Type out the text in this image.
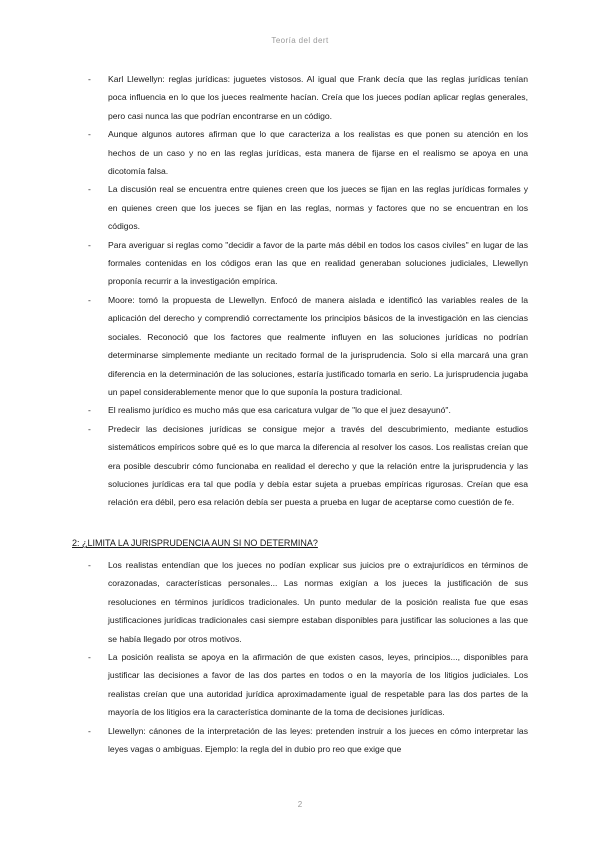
Teoría del dert
- Karl Llewellyn: reglas jurídicas: juguetes vistosos. Al igual que Frank decía que las reglas jurídicas tenían poca influencia en lo que los jueces realmente hacían. Creía que los jueces podían aplicar reglas generales, pero casi nunca las que podrían encontrarse en un código.
- Aunque algunos autores afirman que lo que caracteriza a los realistas es que ponen su atención en los hechos de un caso y no en las reglas jurídicas, esta manera de fijarse en el realismo se apoya en una dicotomía falsa.
- La discusión real se encuentra entre quienes creen que los jueces se fijan en las reglas jurídicas formales y en quienes creen que los jueces se fijan en las reglas, normas y factores que no se encuentran en los códigos.
- Para averiguar si reglas como "decidir a favor de la parte más débil en todos los casos civiles" en lugar de las formales contenidas en los códigos eran las que en realidad generaban soluciones judiciales, Llewellyn proponía recurrir a la investigación empírica.
- Moore: tomó la propuesta de Llewellyn. Enfocó de manera aislada e identificó las variables reales de la aplicación del derecho y comprendió correctamente los principios básicos de la investigación en las ciencias sociales. Reconoció que los factores que realmente influyen en las soluciones jurídicas no podrían determinarse simplemente mediante un recitado formal de la jurisprudencia. Solo si ella marcará una gran diferencia en la determinación de las soluciones, estaría justificado tomarla en serio. La jurisprudencia jugaba un papel considerablemente menor que lo que suponía la postura tradicional.
- El realismo jurídico es mucho más que esa caricatura vulgar de "lo que el juez desayunó".
- Predecir las decisiones jurídicas se consigue mejor a través del descubrimiento, mediante estudios sistemáticos empíricos sobre qué es lo que marca la diferencia al resolver los casos. Los realistas creían que era posible descubrir cómo funcionaba en realidad el derecho y que la relación entre la jurisprudencia y las soluciones jurídicas era tal que podía y debía estar sujeta a pruebas empíricas rigurosas. Creían que esa relación era débil, pero esa relación debía ser puesta a prueba en lugar de aceptarse como cuestión de fe.
2: ¿LIMITA LA JURISPRUDENCIA AUN SI NO DETERMINA?
- Los realistas entendían que los jueces no podían explicar sus juicios pre o extrajurídicos en términos de corazonadas, características personales... Las normas exigían a los jueces la justificación de sus resoluciones en términos jurídicos tradicionales. Un punto medular de la posición realista fue que esas justificaciones jurídicas tradicionales casi siempre estaban disponibles para justificar las soluciones a las que se había llegado por otros motivos.
- La posición realista se apoya en la afirmación de que existen casos, leyes, principios..., disponibles para justificar las decisiones a favor de las dos partes en todos o en la mayoría de los litigios judiciales. Los realistas creían que una autoridad jurídica aproximadamente igual de respetable para las dos partes de la mayoría de los litigios era la característica dominante de la toma de decisiones jurídicas.
- Llewellyn: cánones de la interpretación de las leyes: pretenden instruir a los jueces en cómo interpretar las leyes vagas o ambiguas. Ejemplo: la regla del in dubio pro reo que exige que
2
